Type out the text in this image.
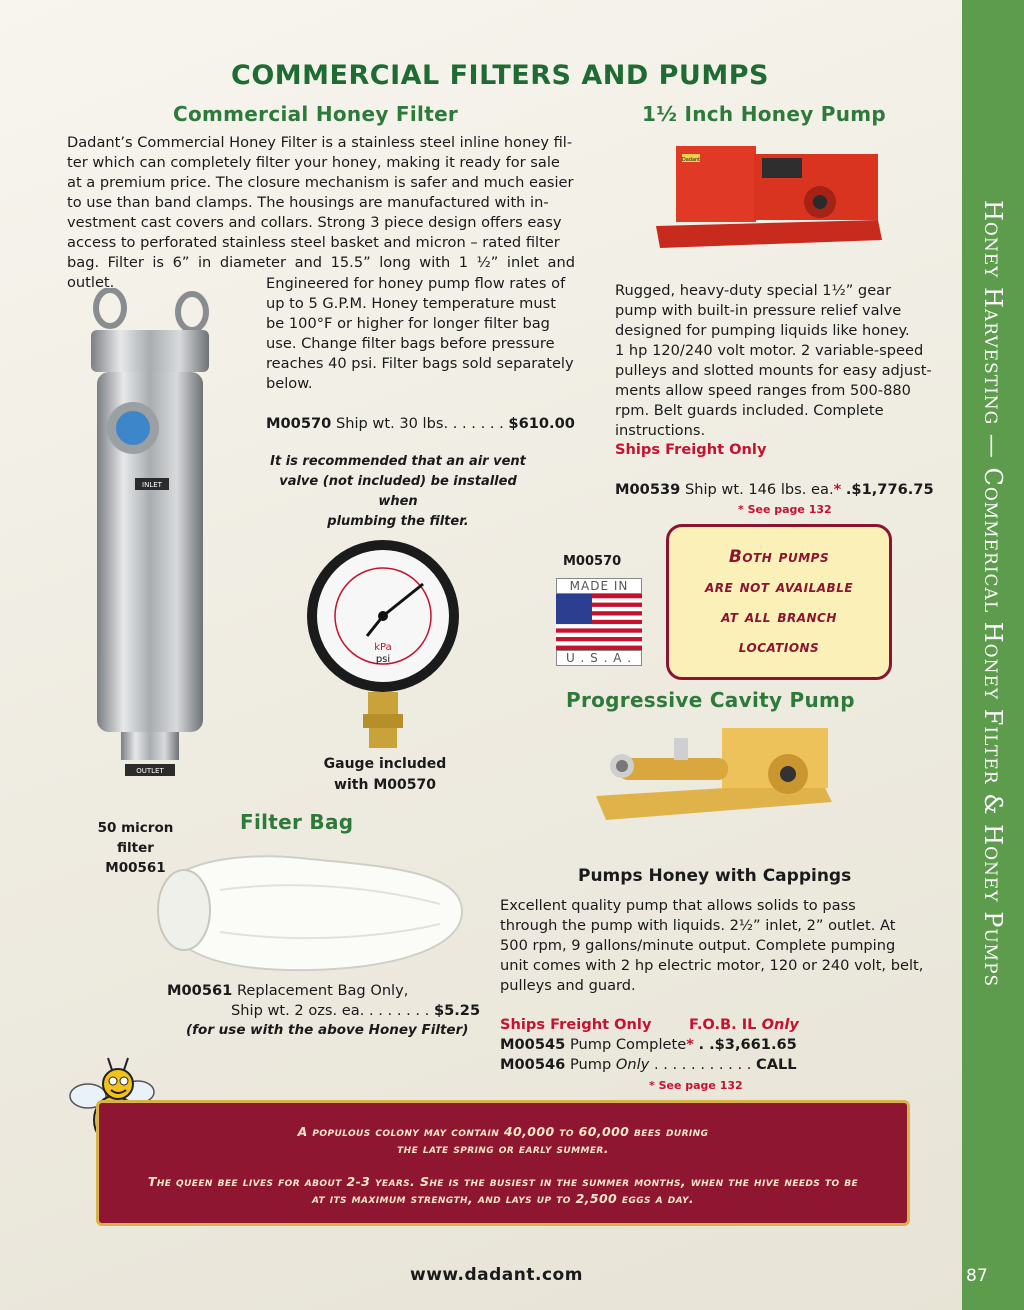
Honey Harvesting — Commerical Honey Filter & Honey Pumps
87
COMMERCIAL FILTERS AND PUMPS
Commercial Honey Filter

Dadant’s Commercial Honey Filter is a stainless steel inline honey fil-

ter which can completely filter your honey, making it ready for sale

at a premium price. The closure mechanism is safer and much easier

to use than band clamps. The housings are manufactured with in-

vestment cast covers and collars. Strong 3 piece design offers easy

access to perforated stainless steel basket and micron – rated filter

bag. Filter is 6” in diameter and 15.5” long with 1 ½” inlet and outlet.	Engineered for honey pump flow rates of

up to 5 G.P.M. Honey temperature must

be 100°F or higher for longer filter bag

use. Change filter bags before pressure

reaches 40 psi. Filter bags sold separately

below.

M00570 Ship wt. 30 lbs. . . . . . . $610.00
It is recommended that an air vent
valve (not included) be installed when
plumbing the filter.
INLET
OUTLET
50 micron filter
M00561
kPa
psi
Gauge included
with M00570
M00570
MADE IN
U . S . A .
Filter Bag
M00561 Replacement Bag Only,
Ship wt. 2 ozs. ea. . . . . . . . $5.25
(for use with the above Honey Filter)
1½ Inch Honey Pump
Dadant

Rugged, heavy-duty special 1½” gear

pump with built-in pressure relief valve

designed for pumping liquids like honey.

1 hp 120/240 volt motor. 2 variable-speed

pulleys and slotted mounts for easy adjust-

ments allow speed ranges from 500-880

rpm. Belt guards included. Complete

instructions.

Ships Freight Only
M00539 Ship wt. 146 lbs. ea.* .$1,776.75
* See page 132
Both pumps
are not available
at all branch
locations
Progressive Cavity Pump
Pumps Honey with Cappings

Excellent quality pump that allows solids to pass

through the pump with liquids. 2½” inlet, 2” outlet. At

500 rpm, 9 gallons/minute output. Complete pumping

unit comes with 2 hp electric motor, 120 or 240 volt, belt,

pulleys and guard.

Ships Freight Only	F.O.B. IL Only
M00545 Pump Complete* . .$3,661.65
M00546 Pump Only . . . . . . . . . . . CALL
* See page 132
A populous colony may contain 40,000 to 60,000 bees during
the late spring or early summer.
The queen bee lives for about 2-3 years. She is the busiest in the summer months, when the hive needs to be
at its maximum strength, and lays up to 2,500 eggs a day.
www.dadant.com
